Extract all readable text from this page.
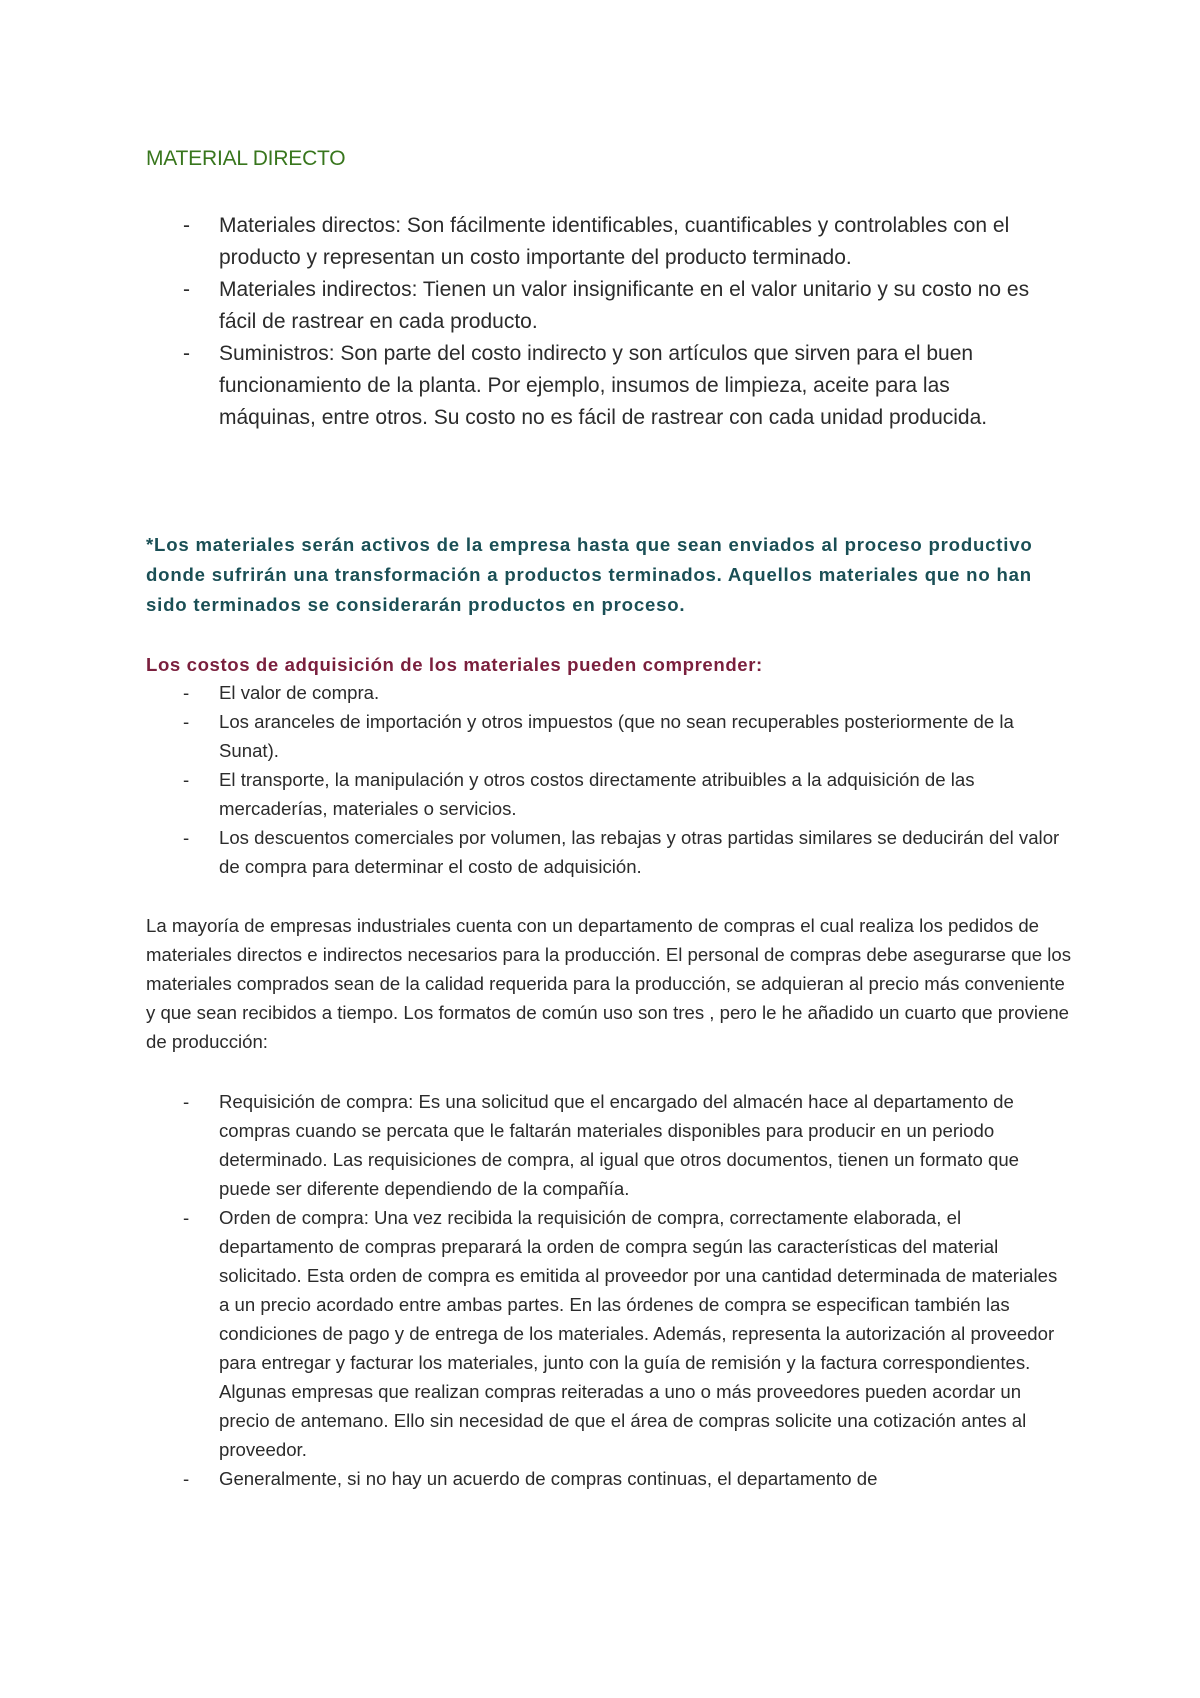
MATERIAL DIRECTO
- Materiales directos: Son fácilmente identificables, cuantificables y controlables con el producto y representan un costo importante del producto terminado.
- Materiales indirectos: Tienen un valor insignificante en el valor unitario y su costo no es fácil de rastrear en cada producto.
- Suministros: Son parte del costo indirecto y son artículos que sirven para el buen funcionamiento de la planta. Por ejemplo, insumos de limpieza, aceite para las máquinas, entre otros. Su costo no es fácil de rastrear con cada unidad producida.

*Los materiales serán activos de la empresa hasta que sean enviados al proceso productivo donde sufrirán una transformación a productos terminados. Aquellos materiales que no han sido terminados se considerarán productos en proceso.

Los costos de adquisición de los materiales pueden comprender:

- El valor de compra.
- Los aranceles de importación y otros impuestos (que no sean recuperables posteriormente de la Sunat).
- El transporte, la manipulación y otros costos directamente atribuibles a la adquisición de las mercaderías, materiales o servicios.
- Los descuentos comerciales por volumen, las rebajas y otras partidas similares se deducirán del valor de compra para determinar el costo de adquisición.

La mayoría de empresas industriales cuenta con un departamento de compras el cual realiza los pedidos de materiales directos e indirectos necesarios para la producción. El personal de compras debe asegurarse que los materiales comprados sean de la calidad requerida para la producción, se adquieran al precio más conveniente y que sean recibidos a tiempo. Los formatos de común uso son tres , pero le he añadido un cuarto que proviene de producción:

- Requisición de compra: Es una solicitud que el encargado del almacén hace al departamento de compras cuando se percata que le faltarán materiales disponibles para producir en un periodo determinado. Las requisiciones de compra, al igual que otros documentos, tienen un formato que puede ser diferente dependiendo de la compañía.
- Orden de compra: Una vez recibida la requisición de compra, correctamente elaborada, el departamento de compras preparará la orden de compra según las características del material solicitado. Esta orden de compra es emitida al proveedor por una cantidad determinada de materiales a un precio acordado entre ambas partes. En las órdenes de compra se especifican también las condiciones de pago y de entrega de los materiales. Además, representa la autorización al proveedor para entregar y facturar los materiales, junto con la guía de remisión y la factura correspondientes. Algunas empresas que realizan compras reiteradas a uno o más proveedores pueden acordar un precio de antemano. Ello sin necesidad de que el área de compras solicite una cotización antes al proveedor.
- Generalmente, si no hay un acuerdo de compras continuas, el departamento de
